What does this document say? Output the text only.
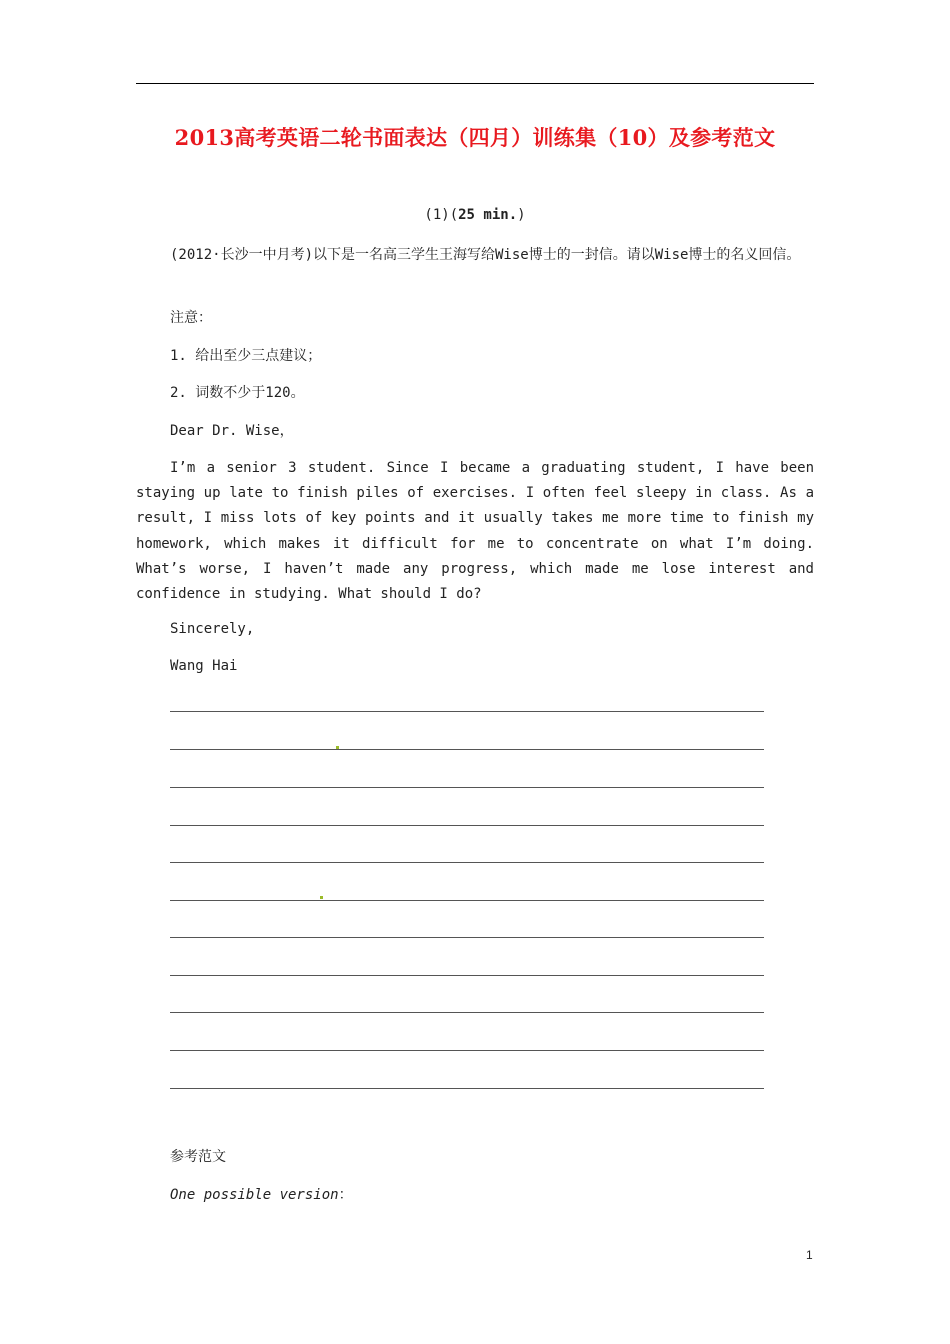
2013高考英语二轮书面表达（四月）训练集（10）及参考范文
(1)(25 min.)
(2012·长沙一中月考)以下是一名高三学生王海写给Wise博士的一封信。请以Wise博士的名义回信。
注意：
1. 给出至少三点建议；
2. 词数不少于120。
Dear Dr. Wise，
I’m a senior 3 student. Since I became a graduating student, I have been staying up late to finish piles of exercises. I often feel sleepy in class. As a result, I miss lots of key points and it usually takes me more time to finish my homework, which makes it difficult for me to concentrate on what I’m doing. What’s worse, I haven’t made any progress, which made me lose interest and confidence in studying. What should I do?
Sincerely,
Wang Hai
参考范文
One possible version：
1
